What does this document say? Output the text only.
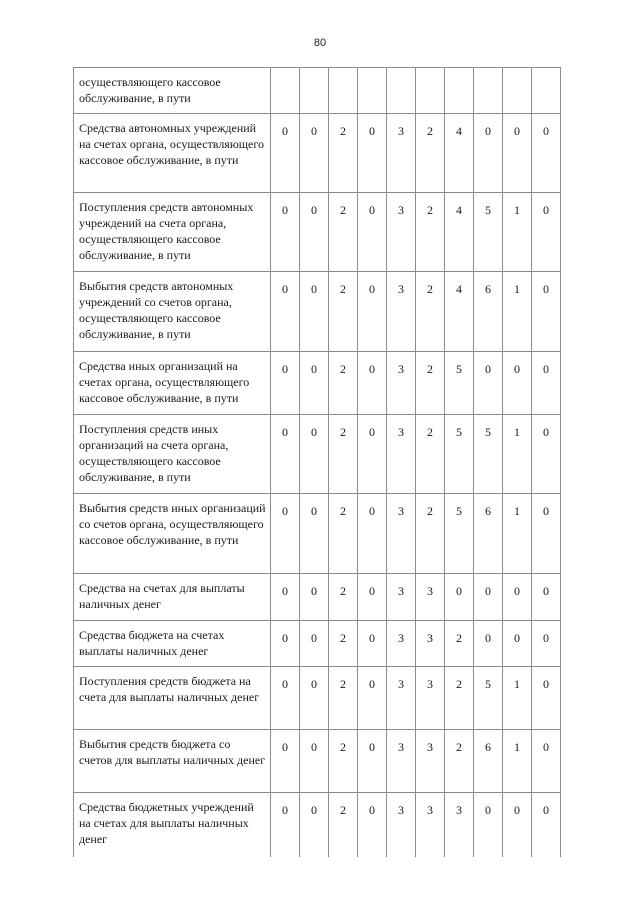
80
осуществляющего кассовое обслуживание, в пути										
Средства автономных учреждений на счетах органа, осуществляющего кассовое обслуживание, в пути	0	0	2	0	3	2	4	0	0	0
Поступления средств автономных учреждений на счета органа, осуществляющего кассовое обслуживание, в пути	0	0	2	0	3	2	4	5	1	0
Выбытия средств автономных учреждений со счетов органа, осуществляющего кассовое обслуживание, в пути	0	0	2	0	3	2	4	6	1	0
Средства иных организаций на счетах органа, осуществляющего кассовое обслуживание, в пути	0	0	2	0	3	2	5	0	0	0
Поступления средств иных организаций на счета органа, осуществляющего кассовое обслуживание, в пути	0	0	2	0	3	2	5	5	1	0
Выбытия средств иных организаций со счетов органа, осуществляющего кассовое обслуживание, в пути	0	0	2	0	3	2	5	6	1	0
Средства на счетах для выплаты наличных денег	0	0	2	0	3	3	0	0	0	0
Средства бюджета на счетах выплаты наличных денег	0	0	2	0	3	3	2	0	0	0
Поступления средств бюджета на счета для выплаты наличных денег	0	0	2	0	3	3	2	5	1	0
Выбытия средств бюджета со счетов для выплаты наличных денег	0	0	2	0	3	3	2	6	1	0
Средства бюджетных учреждений на счетах для выплаты наличных денег	0	0	2	0	3	3	3	0	0	0
